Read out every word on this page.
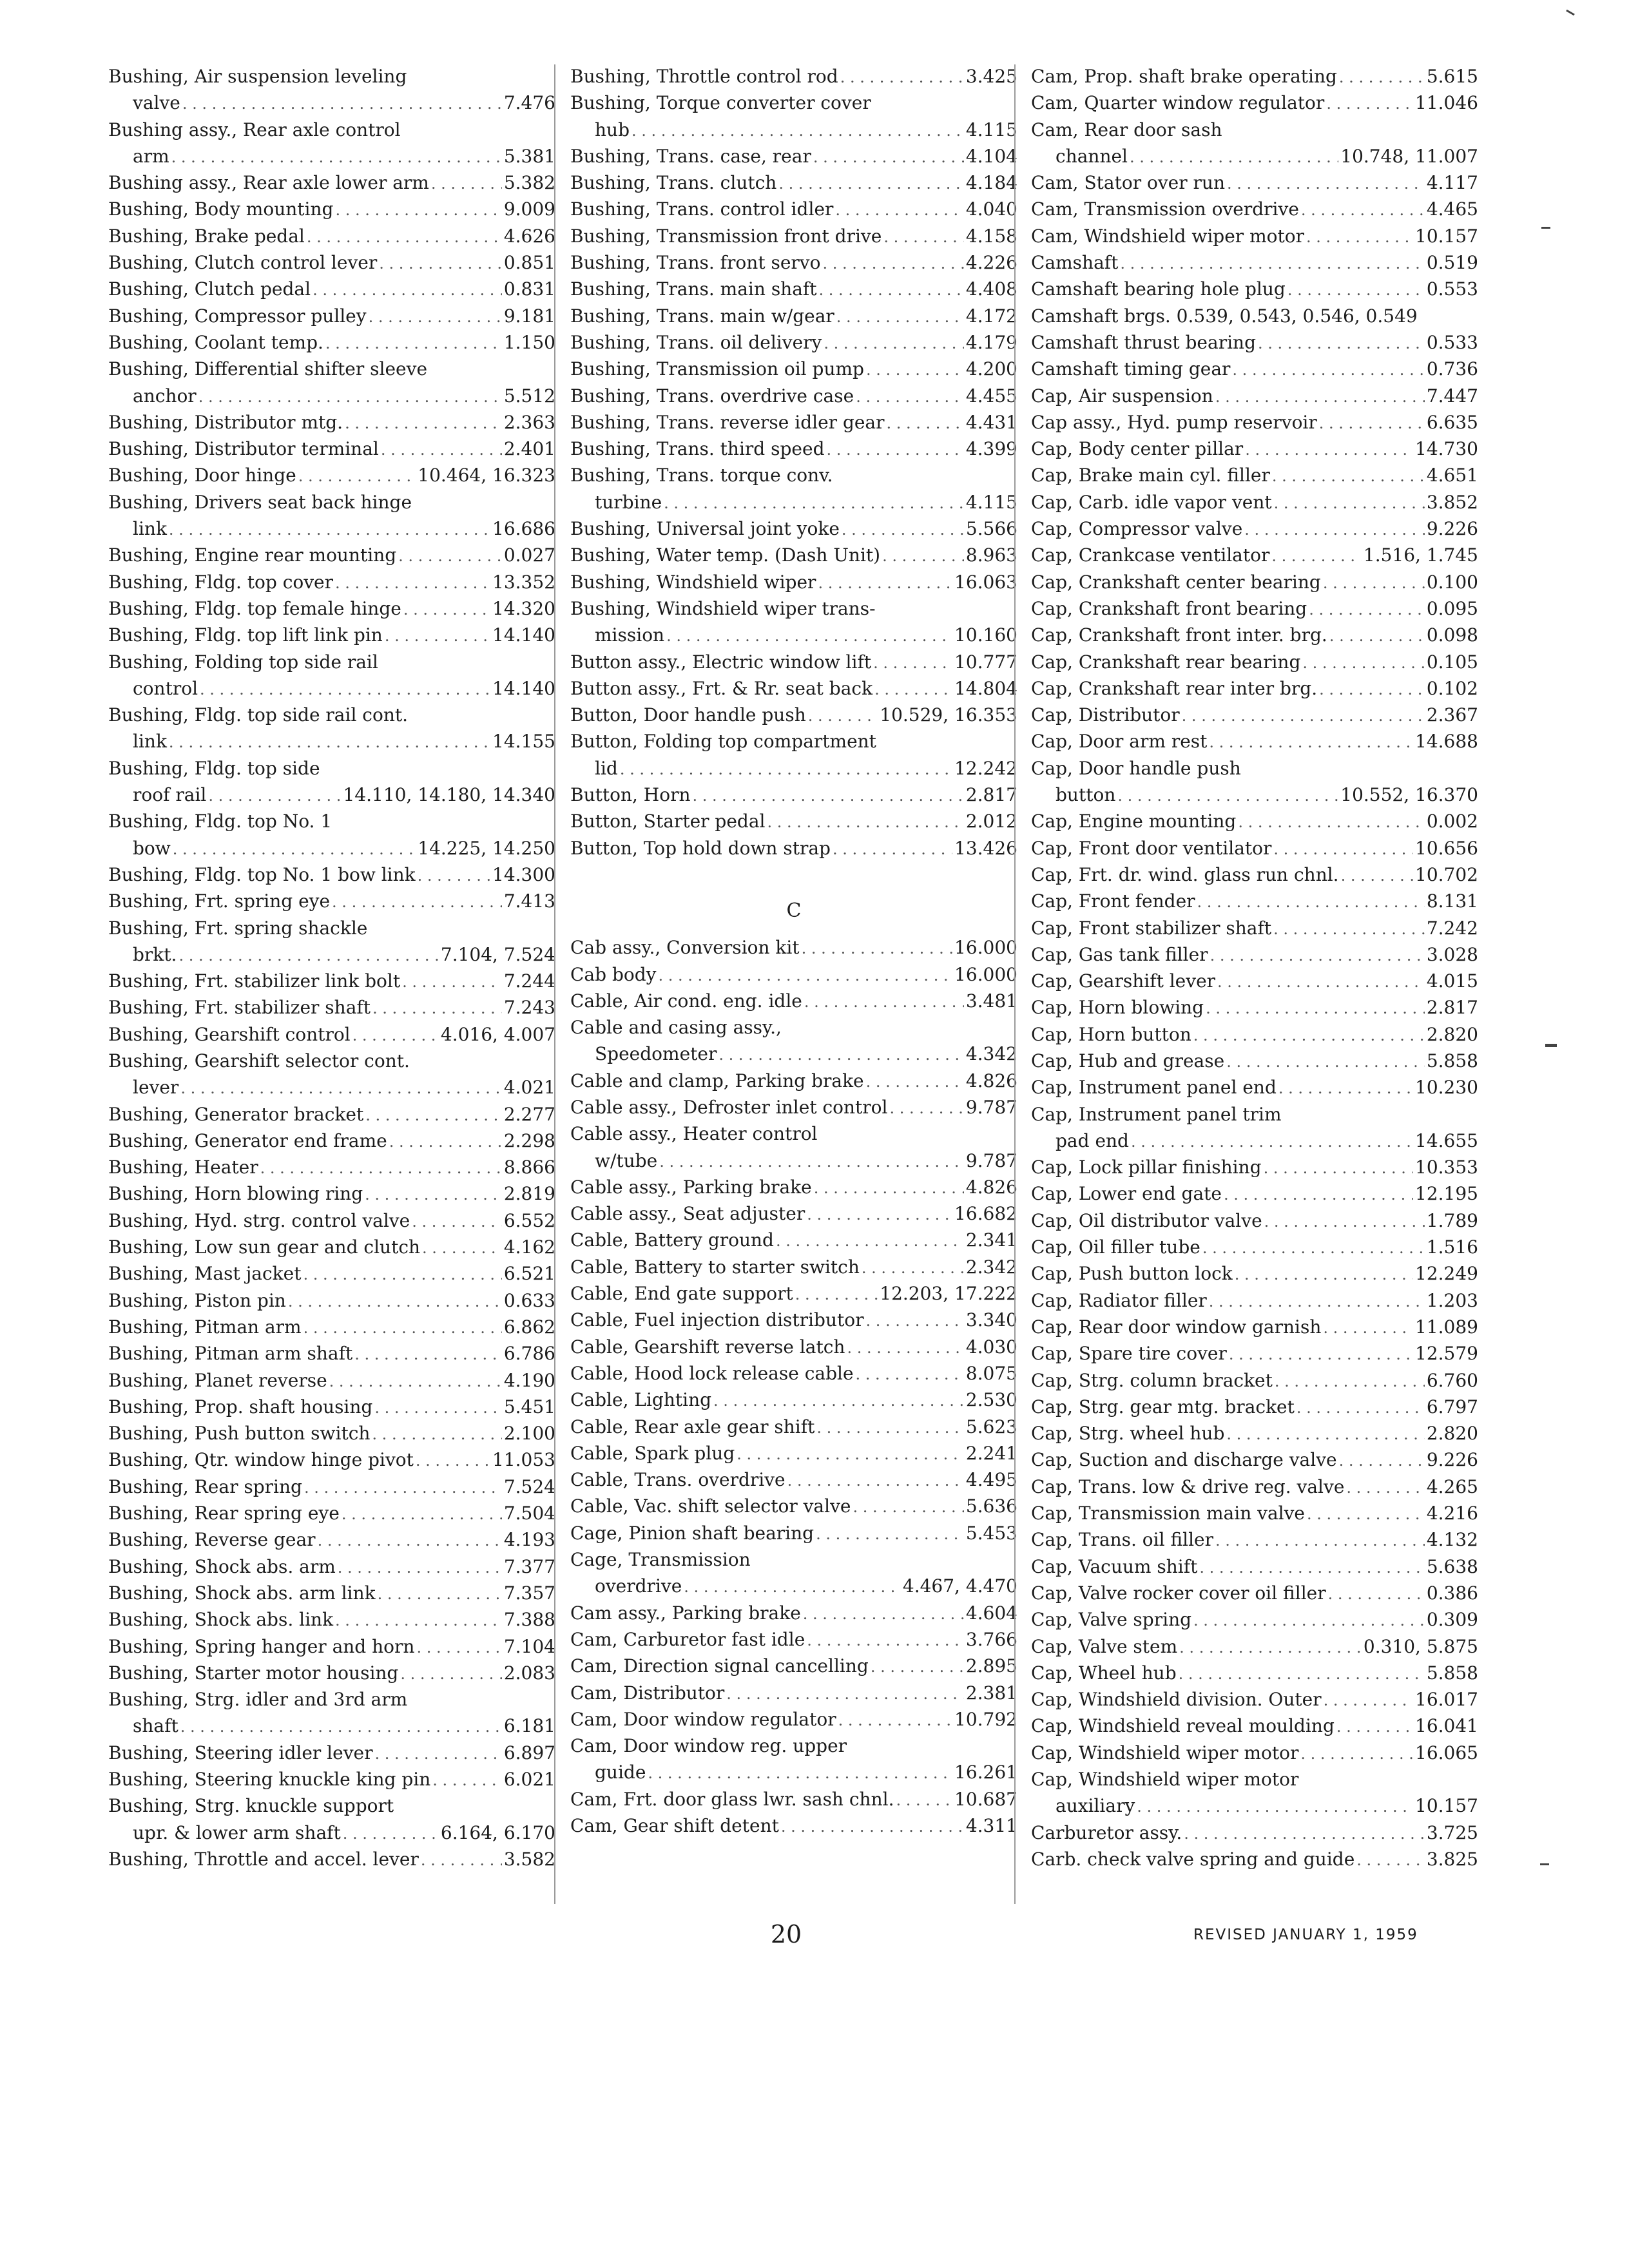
Bushing, Air suspension leveling
valve . . .	7.476
Bushing assy., Rear axle control
arm . . .	5.381
Bushing assy., Rear axle lower arm . . .	5.382
Bushing, Body mounting . . .	9.009
Bushing, Brake pedal . . .	4.626
Bushing, Clutch control lever . . .	0.851
Bushing, Clutch pedal . . .	0.831
Bushing, Compressor pulley . . .	9.181
Bushing, Coolant temp. . . .	1.150
Bushing, Differential shifter sleeve
anchor . . .	5.512
Bushing, Distributor mtg. . . .	2.363
Bushing, Distributor terminal . . .	2.401
Bushing, Door hinge . . .	10.464, 16.323
Bushing, Drivers seat back hinge
link . . .	16.686
Bushing, Engine rear mounting . . .	0.027
Bushing, Fldg. top cover . . .	13.352
Bushing, Fldg. top female hinge . . .	14.320
Bushing, Fldg. top lift link pin . . .	14.140
Bushing, Folding top side rail
control . . .	14.140
Bushing, Fldg. top side rail cont.
link . . .	14.155
Bushing, Fldg. top side
roof rail . . .	14.110, 14.180, 14.340
Bushing, Fldg. top No. 1
bow . . .	14.225, 14.250
Bushing, Fldg. top No. 1 bow link . . .	14.300
Bushing, Frt. spring eye . . .	7.413
Bushing, Frt. spring shackle
brkt. . . .	7.104, 7.524
Bushing, Frt. stabilizer link bolt . . .	7.244
Bushing, Frt. stabilizer shaft . . .	7.243
Bushing, Gearshift control . . .	4.016, 4.007
Bushing, Gearshift selector cont.
lever . . .	4.021
Bushing, Generator bracket . . .	2.277
Bushing, Generator end frame . . .	2.298
Bushing, Heater . . .	8.866
Bushing, Horn blowing ring . . .	2.819
Bushing, Hyd. strg. control valve . . .	6.552
Bushing, Low sun gear and clutch . . .	4.162
Bushing, Mast jacket . . .	6.521
Bushing, Piston pin . . .	0.633
Bushing, Pitman arm . . .	6.862
Bushing, Pitman arm shaft . . .	6.786
Bushing, Planet reverse . . .	4.190
Bushing, Prop. shaft housing . . .	5.451
Bushing, Push button switch . . .	2.100
Bushing, Qtr. window hinge pivot . . .	11.053
Bushing, Rear spring . . .	7.524
Bushing, Rear spring eye . . .	7.504
Bushing, Reverse gear . . .	4.193
Bushing, Shock abs. arm . . .	7.377
Bushing, Shock abs. arm link . . .	7.357
Bushing, Shock abs. link . . .	7.388
Bushing, Spring hanger and horn . . .	7.104
Bushing, Starter motor housing . . .	2.083
Bushing, Strg. idler and 3rd arm
shaft . . .	6.181
Bushing, Steering idler lever . . .	6.897
Bushing, Steering knuckle king pin . . .	6.021
Bushing, Strg. knuckle support
upr. & lower arm shaft . . .	6.164, 6.170
Bushing, Throttle and accel. lever . . .	3.582
Bushing, Throttle control rod . . .	3.425
Bushing, Torque converter cover
hub . . .	4.115
Bushing, Trans. case, rear . . .	4.104
Bushing, Trans. clutch . . .	4.184
Bushing, Trans. control idler . . .	4.040
Bushing, Transmission front drive . . .	4.158
Bushing, Trans. front servo . . .	4.226
Bushing, Trans. main shaft . . .	4.408
Bushing, Trans. main w/gear . . .	4.172
Bushing, Trans. oil delivery . . .	4.179
Bushing, Transmission oil pump . . .	4.200
Bushing, Trans. overdrive case . . .	4.455
Bushing, Trans. reverse idler gear . . .	4.431
Bushing, Trans. third speed . . .	4.399
Bushing, Trans. torque conv.
turbine . . .	4.115
Bushing, Universal joint yoke . . .	5.566
Bushing, Water temp. (Dash Unit) . . .	8.963
Bushing, Windshield wiper . . .	16.063
Bushing, Windshield wiper trans-
mission . . .	10.160
Button assy., Electric window lift . . .	10.777
Button assy., Frt. & Rr. seat back . . .	14.804
Button, Door handle push . . .	10.529, 16.353
Button, Folding top compartment
lid . . .	12.242
Button, Horn . . .	2.817
Button, Starter pedal . . .	2.012
Button, Top hold down strap . . .	13.426
C
Cab assy., Conversion kit . . .	16.000
Cab body . . .	16.000
Cable, Air cond. eng. idle . . .	3.481
Cable and casing assy.,
Speedometer . . .	4.342
Cable and clamp, Parking brake . . .	4.826
Cable assy., Defroster inlet control . . .	9.787
Cable assy., Heater control
w/tube . . .	9.787
Cable assy., Parking brake . . .	4.826
Cable assy., Seat adjuster . . .	16.682
Cable, Battery ground . . .	2.341
Cable, Battery to starter switch . . .	2.342
Cable, End gate support . . .	12.203, 17.222
Cable, Fuel injection distributor . . .	3.340
Cable, Gearshift reverse latch . . .	4.030
Cable, Hood lock release cable . . .	8.075
Cable, Lighting . . .	2.530
Cable, Rear axle gear shift . . .	5.623
Cable, Spark plug . . .	2.241
Cable, Trans. overdrive . . .	4.495
Cable, Vac. shift selector valve . . .	5.636
Cage, Pinion shaft bearing . . .	5.453
Cage, Transmission
overdrive . . .	4.467, 4.470
Cam assy., Parking brake . . .	4.604
Cam, Carburetor fast idle . . .	3.766
Cam, Direction signal cancelling . . .	2.895
Cam, Distributor . . .	2.381
Cam, Door window regulator . . .	10.792
Cam, Door window reg. upper
guide . . .	16.261
Cam, Frt. door glass lwr. sash chnl. . . .	10.687
Cam, Gear shift detent . . .	4.311
Cam, Prop. shaft brake operating . . .	5.615
Cam, Quarter window regulator . . .	11.046
Cam, Rear door sash
channel . . .	10.748, 11.007
Cam, Stator over run . . .	4.117
Cam, Transmission overdrive . . .	4.465
Cam, Windshield wiper motor . . .	10.157
Camshaft . . .	0.519
Camshaft bearing hole plug . . .	0.553
Camshaft brgs. 0.539, 0.543, 0.546, 0.549
Camshaft thrust bearing . . .	0.533
Camshaft timing gear . . .	0.736
Cap, Air suspension . . .	7.447
Cap assy., Hyd. pump reservoir . . .	6.635
Cap, Body center pillar . . .	14.730
Cap, Brake main cyl. filler . . .	4.651
Cap, Carb. idle vapor vent . . .	3.852
Cap, Compressor valve . . .	9.226
Cap, Crankcase ventilator . . .	1.516, 1.745
Cap, Crankshaft center bearing . . .	0.100
Cap, Crankshaft front bearing . . .	0.095
Cap, Crankshaft front inter. brg. . . .	0.098
Cap, Crankshaft rear bearing . . .	0.105
Cap, Crankshaft rear inter brg. . . .	0.102
Cap, Distributor . . .	2.367
Cap, Door arm rest . . .	14.688
Cap, Door handle push
button . . .	10.552, 16.370
Cap, Engine mounting . . .	0.002
Cap, Front door ventilator . . .	10.656
Cap, Frt. dr. wind. glass run chnl. . . .	10.702
Cap, Front fender . . .	8.131
Cap, Front stabilizer shaft . . .	7.242
Cap, Gas tank filler . . .	3.028
Cap, Gearshift lever . . .	4.015
Cap, Horn blowing . . .	2.817
Cap, Horn button . . .	2.820
Cap, Hub and grease . . .	5.858
Cap, Instrument panel end . . .	10.230
Cap, Instrument panel trim
pad end . . .	14.655
Cap, Lock pillar finishing . . .	10.353
Cap, Lower end gate . . .	12.195
Cap, Oil distributor valve . . .	1.789
Cap, Oil filler tube . . .	1.516
Cap, Push button lock . . .	12.249
Cap, Radiator filler . . .	1.203
Cap, Rear door window garnish . . .	11.089
Cap, Spare tire cover . . .	12.579
Cap, Strg. column bracket . . .	6.760
Cap, Strg. gear mtg. bracket . . .	6.797
Cap, Strg. wheel hub . . .	2.820
Cap, Suction and discharge valve . . .	9.226
Cap, Trans. low & drive reg. valve . . .	4.265
Cap, Transmission main valve . . .	4.216
Cap, Trans. oil filler . . .	4.132
Cap, Vacuum shift . . .	5.638
Cap, Valve rocker cover oil filler . . .	0.386
Cap, Valve spring . . .	0.309
Cap, Valve stem . . .	0.310, 5.875
Cap, Wheel hub . . .	5.858
Cap, Windshield division. Outer . . .	16.017
Cap, Windshield reveal moulding . . .	16.041
Cap, Windshield wiper motor . . .	16.065
Cap, Windshield wiper motor
auxiliary . . .	10.157
Carburetor assy. . . .	3.725
Carb. check valve spring and guide . . .	3.825
20	REVISED JANUARY 1, 1959
